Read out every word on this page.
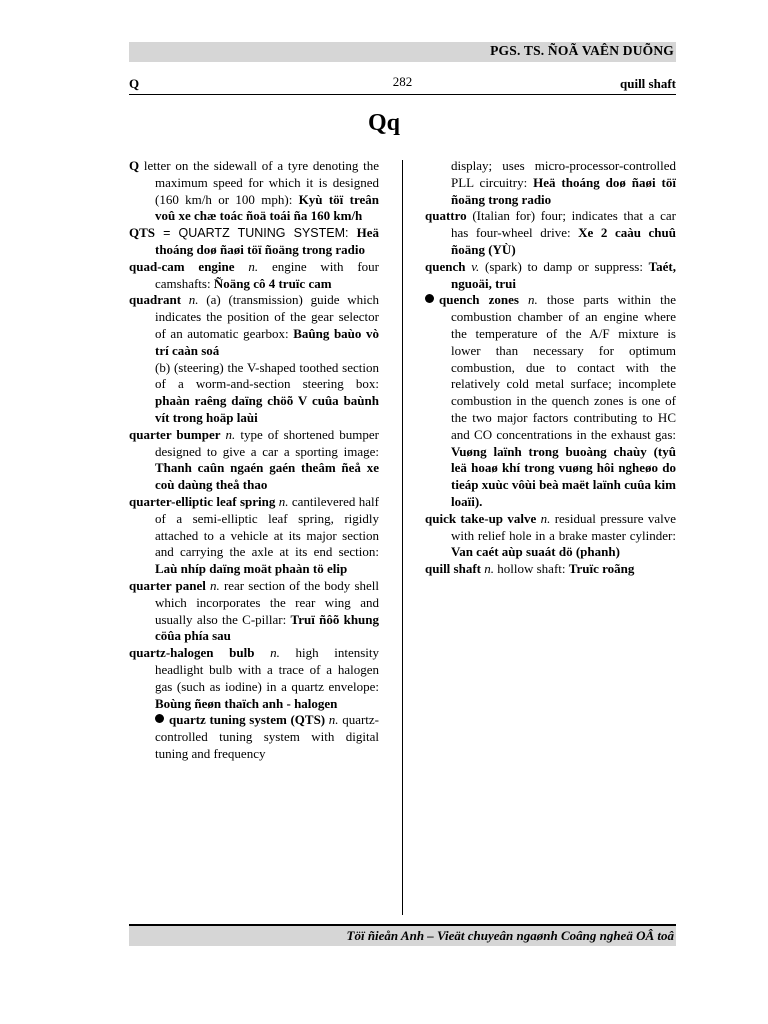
PGS. TS. ÑOÃ VAÊN DUÕNG
Q	282	quill shaft
Qq

Q letter on the sidewall of a tyre denoting the maximum speed for which it is designed (160 km/h or 100 mph): Kyù töï treân voû xe chæ toác ñoä toái ña 160 km/h

QTS = QUARTZ TUNING SYSTEM: Heä thoáng doø ñaøi töï ñoäng trong radio

quad-cam engine n. engine with four camshafts: Ñoäng cô 4 truïc cam

quadrant n. (a) (transmission) guide which indicates the position of the gear selector of an automatic gearbox: Baûng baùo vò trí caàn soá

(b) (steering) the V-shaped toothed section of a worm-and-section steering box: phaàn raêng daïng chöõ V cuûa baùnh vít trong hoäp laùi

quarter bumper n. type of shortened bumper designed to give a car a sporting image: Thanh caûn ngaén gaén theâm ñeå xe coù daùng theå thao

quarter-elliptic leaf spring n. cantilevered half of a semi-elliptic leaf spring, rigidly attached to a vehicle at its major section and carrying the axle at its end section: Laù nhíp daïng moät phaàn tö elip

quarter panel n. rear section of the body shell which incorporates the rear wing and usually also the C-pillar: Truï ñôõ khung cöûa phía sau

quartz-halogen bulb n. high intensity headlight bulb with a trace of a halogen gas (such as iodine) in a quartz envelope: Boùng ñeøn thaïch anh - halogen

quartz tuning system (QTS) n. quartz- controlled tuning system with digital tuning and frequency

display; uses micro-processor-controlled PLL circuitry: Heä thoáng doø ñaøi töï ñoäng trong radio

quattro (Italian for) four; indicates that a car has four-wheel drive: Xe 2 caàu chuû ñoäng (YÙ)

quench v. (spark) to damp or suppress: Taét, nguoäi, trui

quench zones n. those parts within the combustion chamber of an engine where the temperature of the A/F mixture is lower than necessary for optimum combustion, due to contact with the relatively cold metal surface; incomplete combustion in the quench zones is one of the two major factors contributing to HC and CO concentrations in the exhaust gas: Vuøng laïnh trong buoàng chaùy (tyû leä hoaø khí trong vuøng hôi ngheøo do tieáp xuùc vôùi beà maët laïnh cuûa kim loaïi).

quick take-up valve n. residual pressure valve with relief hole in a brake master cylinder: Van caét aùp suaát dö (phanh)

quill shaft n. hollow shaft: Truïc roãng

Töï ñieån Anh – Vieät chuyeân ngaønh Coâng ngheä OÂ toâ
